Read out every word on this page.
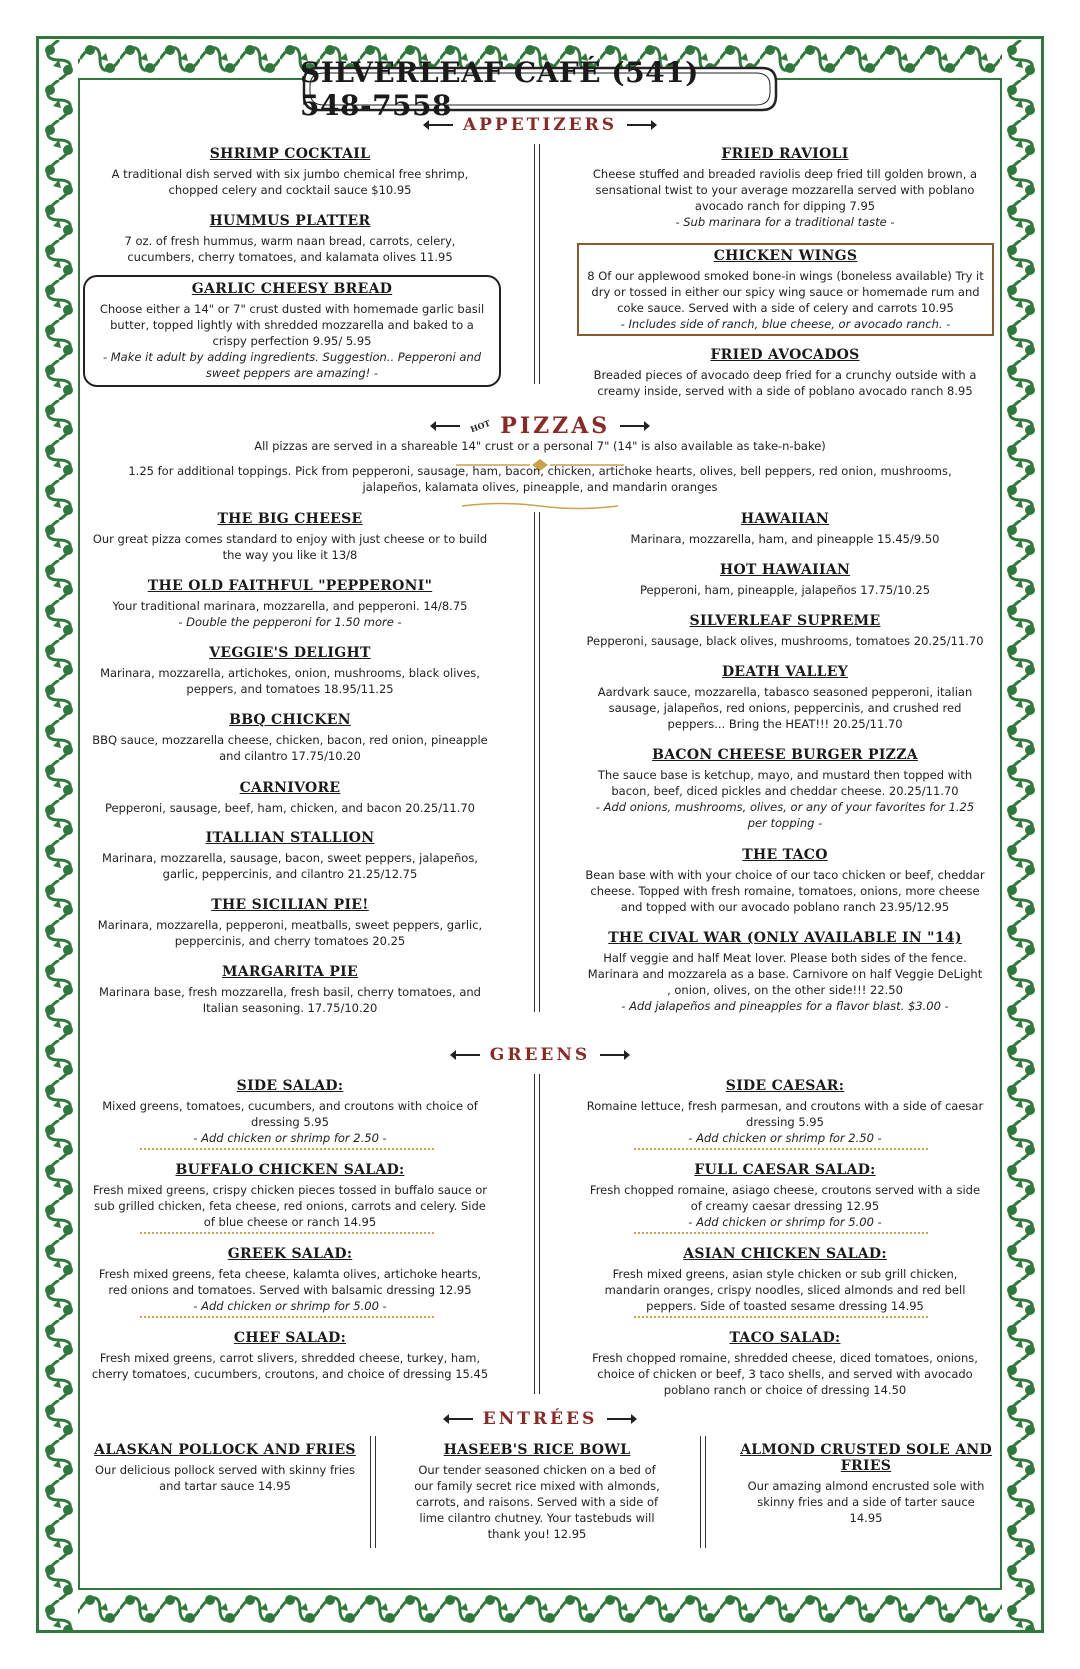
SILVERLEAF CAFÉ (541) 548-7558
APPETIZERS
SHRIMP COCKTAIL

A traditional dish served with six jumbo chemical free shrimp, chopped celery and cocktail sauce $10.95

HUMMUS PLATTER

7 oz. of fresh hummus, warm naan bread, carrots, celery, cucumbers, cherry tomatoes, and kalamata olives 11.95

GARLIC CHEESY BREAD

Choose either a 14" or 7" crust dusted with homemade garlic basil butter, topped lightly with shredded mozzarella and baked to a crispy perfection 9.95/ 5.95

- Make it adult by adding ingredients. Suggestion.. Pepperoni and sweet peppers are amazing! -

FRIED RAVIOLI

Cheese stuffed and breaded raviolis deep fried till golden brown, a sensational twist to your average mozzarella served with poblano avocado ranch for dipping 7.95

- Sub marinara for a traditional taste -

CHICKEN WINGS

8 Of our applewood smoked bone-in wings (boneless available) Try it dry or tossed in either our spicy wing sauce or homemade rum and coke sauce. Served with a side of celery and carrots 10.95

- Includes side of ranch, blue cheese, or avocado ranch. -

FRIED AVOCADOS

Breaded pieces of avocado deep fried for a crunchy outside with a creamy inside, served with a side of poblano avocado ranch 8.95

HOT PIZZAS
All pizzas are served in a shareable 14" crust or a personal 7" (14" is also available as take-n-bake)
1.25 for additional toppings. Pick from pepperoni, sausage, ham, bacon, chicken, artichoke hearts, olives, bell peppers, red onion, mushrooms, jalapeños, kalamata olives, pineapple, and mandarin oranges
THE BIG CHEESE

Our great pizza comes standard to enjoy with just cheese or to build the way you like it 13/8

THE OLD FAITHFUL "PEPPERONI"

Your traditional marinara, mozzarella, and pepperoni. 14/8.75

- Double the pepperoni for 1.50 more -

VEGGIE'S DELIGHT

Marinara, mozzarella, artichokes, onion, mushrooms, black olives, peppers, and tomatoes 18.95/11.25

BBQ CHICKEN

BBQ sauce, mozzarella cheese, chicken, bacon, red onion, pineapple and cilantro 17.75/10.20

CARNIVORE

Pepperoni, sausage, beef, ham, chicken, and bacon 20.25/11.70

ITALLIAN STALLION

Marinara, mozzarella, sausage, bacon, sweet peppers, jalapeños, garlic, peppercinis, and cilantro 21.25/12.75

THE SICILIAN PIE!

Marinara, mozzarella, pepperoni, meatballs, sweet peppers, garlic, peppercinis, and cherry tomatoes 20.25

MARGARITA PIE

Marinara base, fresh mozzarella, fresh basil, cherry tomatoes, and Italian seasoning. 17.75/10.20

HAWAIIAN

Marinara, mozzarella, ham, and pineapple 15.45/9.50

HOT HAWAIIAN

Pepperoni, ham, pineapple, jalapeños 17.75/10.25

SILVERLEAF SUPREME

Pepperoni, sausage, black olives, mushrooms, tomatoes 20.25/11.70

DEATH VALLEY

Aardvark sauce, mozzarella, tabasco seasoned pepperoni, italian sausage, jalapeños, red onions, peppercinis, and crushed red peppers... Bring the HEAT!!! 20.25/11.70

BACON CHEESE BURGER PIZZA

The sauce base is ketchup, mayo, and mustard then topped with bacon, beef, diced pickles and cheddar cheese. 20.25/11.70

- Add onions, mushrooms, olives, or any of your favorites for 1.25 per topping -

THE TACO

Bean base with with your choice of our taco chicken or beef, cheddar cheese. Topped with fresh romaine, tomatoes, onions, more cheese and topped with our avocado poblano ranch 23.95/12.95

THE CIVAL WAR (ONLY AVAILABLE IN "14)

Half veggie and half Meat lover. Please both sides of the fence. Marinara and mozzarela as a base. Carnivore on half Veggie DeLight , onion, olives, on the other side!!! 22.50

- Add jalapeños and pineapples for a flavor blast. $3.00 -

GREENS
SIDE SALAD:

Mixed greens, tomatoes, cucumbers, and croutons with choice of dressing 5.95

- Add chicken or shrimp for 2.50 -

BUFFALO CHICKEN SALAD:

Fresh mixed greens, crispy chicken pieces tossed in buffalo sauce or sub grilled chicken, feta cheese, red onions, carrots and celery. Side of blue cheese or ranch 14.95

GREEK SALAD:

Fresh mixed greens, feta cheese, kalamta olives, artichoke hearts, red onions and tomatoes. Served with balsamic dressing 12.95

- Add chicken or shrimp for 5.00 -

CHEF SALAD:

Fresh mixed greens, carrot slivers, shredded cheese, turkey, ham, cherry tomatoes, cucumbers, croutons, and choice of dressing 15.45

SIDE CAESAR:

Romaine lettuce, fresh parmesan, and croutons with a side of caesar dressing 5.95

- Add chicken or shrimp for 2.50 -

FULL CAESAR SALAD:

Fresh chopped romaine, asiago cheese, croutons served with a side of creamy caesar dressing 12.95

- Add chicken or shrimp for 5.00 -

ASIAN CHICKEN SALAD:

Fresh mixed greens, asian style chicken or sub grill chicken, mandarin oranges, crispy noodles, sliced almonds and red bell peppers. Side of toasted sesame dressing 14.95

TACO SALAD:

Fresh chopped romaine, shredded cheese, diced tomatoes, onions, choice of chicken or beef, 3 taco shells, and served with avocado poblano ranch or choice of dressing 14.50

ENTRÉES
ALASKAN POLLOCK AND FRIES

Our delicious pollock served with skinny fries and tartar sauce 14.95

HASEEB'S RICE BOWL

Our tender seasoned chicken on a bed of our family secret rice mixed with almonds, carrots, and raisons. Served with a side of lime cilantro chutney. Your tastebuds will thank you! 12.95

ALMOND CRUSTED SOLE AND FRIES

Our amazing almond encrusted sole with skinny fries and a side of tarter sauce 14.95
